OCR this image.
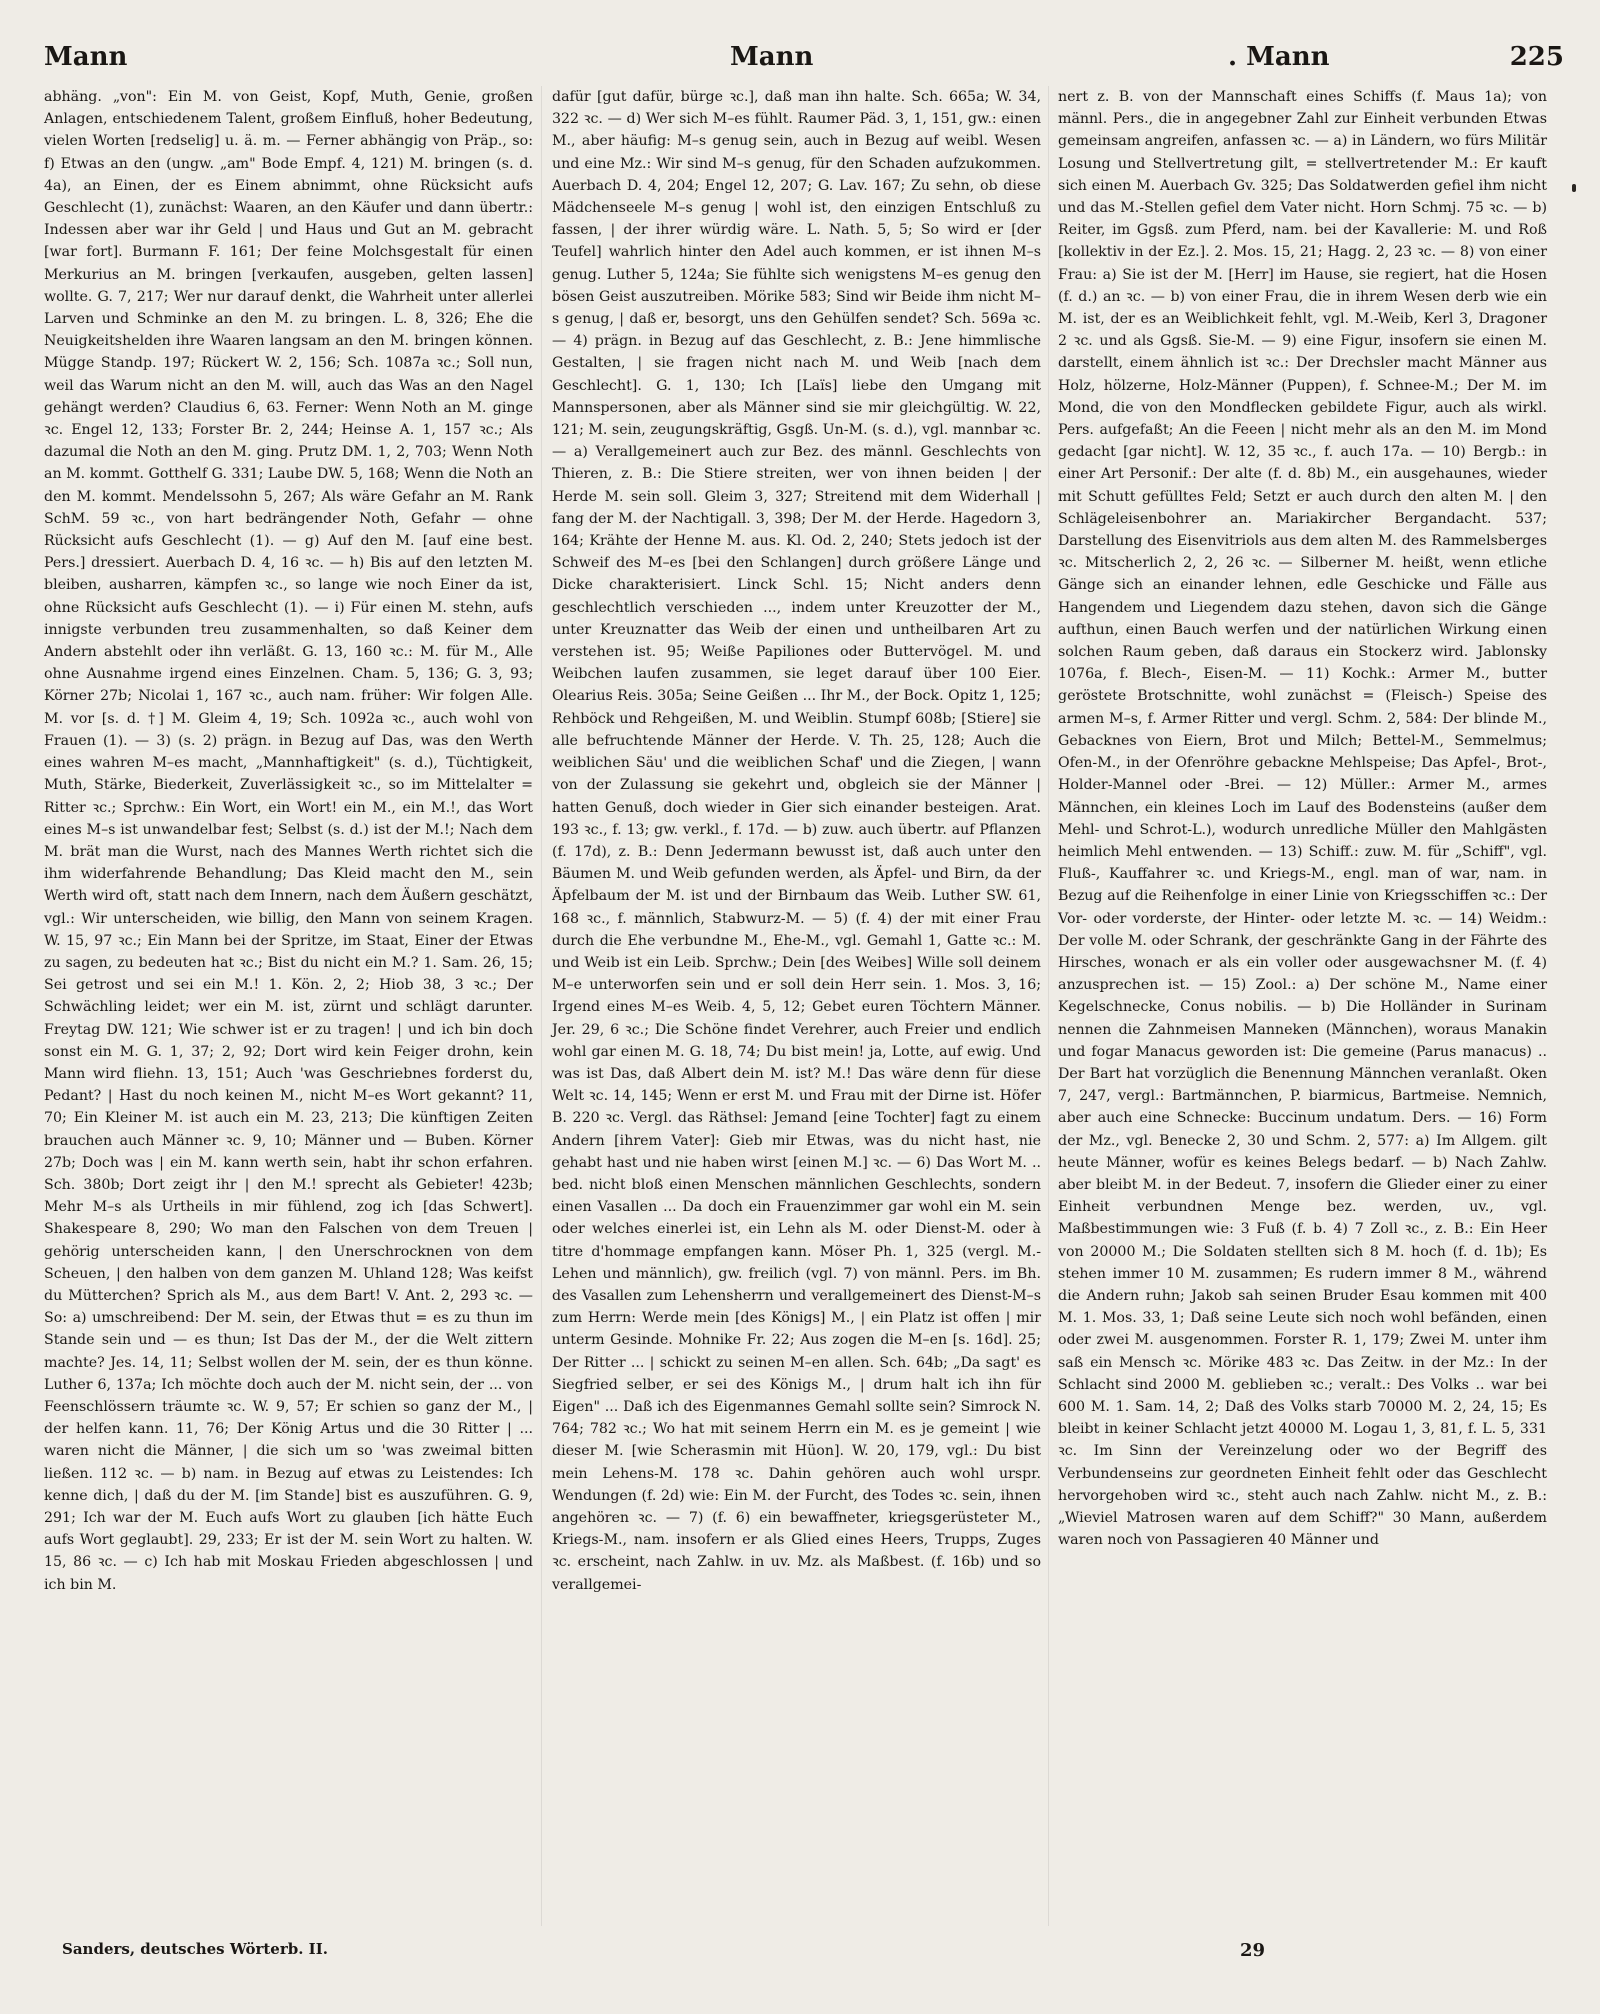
Mann	Mann	. Mann	225

abhäng. „von": Ein M. von Geist, Kopf, Muth, Genie, großen Anlagen, entschiedenem Talent, großem Einfluß, hoher Bedeutung, vielen Worten [redselig] u. ä. m. — Ferner abhängig von Präp., so: f) Etwas an den (ungw. „am" Bode Empf. 4, 121) M. bringen (s. d. 4a), an Einen, der es Einem abnimmt, ohne Rücksicht aufs Geschlecht (1), zunächst: Waaren, an den Käufer und dann übertr.: Indessen aber war ihr Geld | und Haus und Gut an M. gebracht [war fort]. Burmann F. 161; Der feine Molchsgestalt für einen Merkurius an M. bringen [verkaufen, ausgeben, gelten lassen] wollte. G. 7, 217; Wer nur darauf denkt, die Wahrheit unter allerlei Larven und Schminke an den M. zu bringen. L. 8, 326; Ehe die Neuigkeitshelden ihre Waaren langsam an den M. bringen können. Müggе Standp. 197; Rückert W. 2, 156; Sch. 1087a ꝛc.; Soll nun, weil das Warum nicht an den M. will, auch das Was an den Nagel gehängt werden? Claudius 6, 63. Ferner: Wenn Noth an M. ginge ꝛc. Engel 12, 133; Forster Br. 2, 244; Heinse A. 1, 157 ꝛc.; Als dazumal die Noth an den M. ging. Prutz DM. 1, 2, 703; Wenn Noth an M. kommt. Gotthelf G. 331; Laube DW. 5, 168; Wenn die Noth an den M. kommt. Mendelssohn 5, 267; Als wäre Gefahr an M. Rank SchM. 59 ꝛc., von hart bedrängender Noth, Gefahr — ohne Rücksicht aufs Geschlecht (1). — g) Auf den M. [auf eine best. Pers.] dressiert. Auerbach D. 4, 16 ꝛc. — h) Bis auf den letzten M. bleiben, ausharren, kämpfen ꝛc., so lange wie noch Einer da ist, ohne Rücksicht aufs Geschlecht (1). — i) Für einen M. stehn, aufs innigste verbunden treu zusammenhalten, so daß Keiner dem Andern abstehlt oder ihn verläßt. G. 13, 160 ꝛc.: M. für M., Alle ohne Ausnahme irgend eines Einzelnen. Cham. 5, 136; G. 3, 93; Körner 27b; Nicolai 1, 167 ꝛc., auch nam. früher: Wir folgen Alle. M. vor [s. d. †] M. Gleim 4, 19; Sch. 1092a ꝛc., auch wohl von Frauen (1). — 3) (s. 2) prägn. in Bezug auf Das, was den Werth eines wahren M–es macht, „Mannhaftigkeit" (s. d.), Tüchtigkeit, Muth, Stärke, Biederkeit, Zuverlässigkeit ꝛc., so im Mittelalter = Ritter ꝛc.; Sprchw.: Ein Wort, ein Wort! ein M., ein M.!, das Wort eines M–s ist unwandelbar fest; Selbst (s. d.) ist der M.!; Nach dem M. brät man die Wurst, nach des Mannes Werth richtet sich die ihm widerfahrende Behandlung; Das Kleid macht den M., sein Werth wird oft, statt nach dem Innern, nach dem Äußern geschätzt, vgl.: Wir unterscheiden, wie billig, den Mann von seinem Kragen. W. 15, 97 ꝛc.; Ein Mann bei der Spritze, im Staat, Einer der Etwas zu sagen, zu bedeuten hat ꝛc.; Bist du nicht ein M.? 1. Sam. 26, 15; Sei getrost und sei ein M.! 1. Kön. 2, 2; Hiob 38, 3 ꝛc.; Der Schwächling leidet; wer ein M. ist, zürnt und schlägt darunter. Freytag DW. 121; Wie schwer ist er zu tragen! | und ich bin doch sonst ein M. G. 1, 37; 2, 92; Dort wird kein Feiger drohn, kein Mann wird fliehn. 13, 151; Auch 'was Geschriebnes forderst du, Pedant? | Hast du noch keinen M., nicht M–es Wort gekannt? 11, 70; Ein Kleiner M. ist auch ein M. 23, 213; Die künftigen Zeiten brauchen auch Männer ꝛc. 9, 10; Männer und — Buben. Körner 27b; Doch was | ein M. kann werth sein, habt ihr schon erfahren. Sch. 380b; Dort zeigt ihr | den M.! sprecht als Gebieter! 423b; Mehr M–s als Urtheils in mir fühlend, zog ich [das Schwert]. Shakespeare 8, 290; Wo man den Falschen von dem Treuen | gehörig unterscheiden kann, | den Unerschrocknen von dem Scheuen, | den halben von dem ganzen M. Uhland 128; Was keifst du Mütterchen? Sprich als M., aus dem Bart! V. Ant. 2, 293 ꝛc. — So: a) umschreibend: Der M. sein, der Etwas thut = es zu thun im Stande sein und — es thun; Ist Das der M., der die Welt zittern machte? Jes. 14, 11; Selbst wollen der M. sein, der es thun könne. Luther 6, 137a; Ich möchte doch auch der M. nicht sein, der ... von Feenschlössern träumte ꝛc. W. 9, 57; Er schien so ganz der M., | der helfen kann. 11, 76; Der König Artus und die 30 Ritter | ... waren nicht die Männer, | die sich um so 'was zweimal bitten ließen. 112 ꝛc. — b) nam. in Bezug auf etwas zu Leistendes: Ich kenne dich, | daß du der M. [im Stande] bist es auszuführen. G. 9, 291; Ich war der M. Euch aufs Wort zu glauben [ich hätte Euch aufs Wort geglaubt]. 29, 233; Er ist der M. sein Wort zu halten. W. 15, 86 ꝛc. — c) Ich hab mit Moskau Frieden abgeschlossen | und ich bin M.

dafür [gut dafür, bürge ꝛc.], daß man ihn halte. Sch. 665a; W. 34, 322 ꝛc. — d) Wer sich M–es fühlt. Raumer Päd. 3, 1, 151, gw.: einen M., aber häufig: M–s genug sein, auch in Bezug auf weibl. Wesen und eine Mz.: Wir sind M–s genug, für den Schaden aufzukommen. Auerbach D. 4, 204; Engel 12, 207; G. Lav. 167; Zu sehn, ob diese Mädchenseele M–s genug | wohl ist, den einzigen Entschluß zu fassen, | der ihrer würdig wäre. L. Nath. 5, 5; So wird er [der Teufel] wahrlich hinter den Adel auch kommen, er ist ihnen M–s genug. Luther 5, 124a; Sie fühlte sich wenigstens M–es genug den bösen Geist auszutreiben. Mörike 583; Sind wir Beide ihm nicht M–s genug, | daß er, besorgt, uns den Gehülfen sendet? Sch. 569a ꝛc. — 4) prägn. in Bezug auf das Geschlecht, z. B.: Jene himmlische Gestalten, | sie fragen nicht nach M. und Weib [nach dem Geschlecht]. G. 1, 130; Ich [Laïs] liebe den Umgang mit Mannspersonen, aber als Männer sind sie mir gleichgültig. W. 22, 121; M. sein, zeugungskräftig, Gsgß. Un-M. (s. d.), vgl. mannbar ꝛc. — a) Verallgemeinert auch zur Bez. des männl. Geschlechts von Thieren, z. B.: Die Stiere streiten, wer von ihnen beiden | der Herde M. sein soll. Gleim 3, 327; Streitend mit dem Widerhall | fang der M. der Nachtigall. 3, 398; Der M. der Herde. Hagedorn 3, 164; Krähte der Henne M. aus. Kl. Od. 2, 240; Stets jedoch ist der Schweif des M–es [bei den Schlangen] durch größere Länge und Dicke charakterisiert. Linck Schl. 15; Nicht anders denn geschlechtlich verschieden ..., indem unter Kreuzotter der M., unter Kreuznatter das Weib der einen und untheilbaren Art zu verstehen ist. 95; Weiße Papiliones oder Buttervögel. M. und Weibchen laufen zusammen, sie leget darauf über 100 Eier. Olearius Reis. 305a; Seine Geißen ... Ihr M., der Bock. Opitz 1, 125; Rehböck und Rehgeißen, M. und Weiblin. Stumpf 608b; [Stiere] sie alle befruchtende Männer der Herde. V. Th. 25, 128; Auch die weiblichen Säu' und die weiblichen Schaf' und die Ziegen, | wann von der Zulassung sie gekehrt und, obgleich sie der Männer | hatten Genuß, doch wieder in Gier sich einander besteigen. Arat. 193 ꝛc., f. 13; gw. verkl., f. 17d. — b) zuw. auch übertr. auf Pflanzen (f. 17d), z. B.: Denn Jedermann bewusst ist, daß auch unter den Bäumen M. und Weib gefunden werden, als Äpfel- und Birn, da der Äpfelbaum der M. ist und der Birnbaum das Weib. Luther SW. 61, 168 ꝛc., f. männlich, Stabwurz-M. — 5) (f. 4) der mit einer Frau durch die Ehe verbundne M., Ehe-M., vgl. Gemahl 1, Gatte ꝛc.: M. und Weib ist ein Leib. Sprchw.; Dein [des Weibes] Wille soll deinem M–e unterworfen sein und er soll dein Herr sein. 1. Mos. 3, 16; Irgend eines M–es Weib. 4, 5, 12; Gebet euren Töchtern Männer. Jer. 29, 6 ꝛc.; Die Schöne findet Verehrer, auch Freier und endlich wohl gar einen M. G. 18, 74; Du bist mein! ja, Lotte, auf ewig. Und was ist Das, daß Albert dein M. ist? M.! Das wäre denn für diese Welt ꝛc. 14, 145; Wenn er erst M. und Frau mit der Dirne ist. Höfer B. 220 ꝛc. Vergl. das Räthsel: Jemand [eine Tochter] fagt zu einem Andern [ihrem Vater]: Gieb mir Etwas, was du nicht hast, nie gehabt hast und nie haben wirst [einen M.] ꝛc. — 6) Das Wort M. .. bed. nicht bloß einen Menschen männlichen Geschlechts, sondern einen Vasallen ... Da doch ein Frauenzimmer gar wohl ein M. sein oder welches einerlei ist, ein Lehn als M. oder Dienst-M. oder à titre d'hommage empfangen kann. Möser Ph. 1, 325 (vergl. M.-Lehen und männlich), gw. freilich (vgl. 7) von männl. Pers. im Bh. des Vasallen zum Lehensherrn und verallgemeinert des Dienst-M–s zum Herrn: Werde mein [des Königs] M., | ein Platz ist offen | mir unterm Gesinde. Mohnike Fr. 22; Aus zogen die M–en [s. 16d]. 25; Der Ritter ... | schickt zu seinen M–en allen. Sch. 64b; „Da sagt' es Siegfried selber, er sei des Königs M., | drum halt ich ihn für Eigen" ... Daß ich des Eigenmannes Gemahl sollte sein? Simrock N. 764; 782 ꝛc.; Wo hat mit seinem Herrn ein M. es je gemeint | wie dieser M. [wie Scherasmin mit Hüon]. W. 20, 179, vgl.: Du bist mein Lehens-M. 178 ꝛc. Dahin gehören auch wohl urspr. Wendungen (f. 2d) wie: Ein M. der Furcht, des Todes ꝛc. sein, ihnen angehören ꝛc. — 7) (f. 6) ein bewaffneter, kriegsgerüsteter M., Kriegs-M., nam. insofern er als Glied eines Heers, Trupps, Zuges ꝛc. erscheint, nach Zahlw. in uv. Mz. als Maßbest. (f. 16b) und so verallgemei-

nert z. B. von der Mannschaft eines Schiffs (f. Maus 1a); von männl. Pers., die in angegebner Zahl zur Einheit verbunden Etwas gemeinsam angreifen, anfassen ꝛc. — a) in Ländern, wo fürs Militär Losung und Stellvertretung gilt, = stellvertretender M.: Er kauft sich einen M. Auerbach Gv. 325; Das Soldatwerden gefiel ihm nicht und das M.-Stellen gefiel dem Vater nicht. Horn Schmj. 75 ꝛc. — b) Reiter, im Ggsß. zum Pferd, nam. bei der Kavallerie: M. und Roß [kollektiv in der Ez.]. 2. Mos. 15, 21; Hagg. 2, 23 ꝛc. — 8) von einer Frau: a) Sie ist der M. [Herr] im Hause, sie regiert, hat die Hosen (f. d.) an ꝛc. — b) von einer Frau, die in ihrem Wesen derb wie ein M. ist, der es an Weiblichkeit fehlt, vgl. M.-Weib, Kerl 3, Dragoner 2 ꝛc. und als Ggsß. Sie-M. — 9) eine Figur, insofern sie einen M. darstellt, einem ähnlich ist ꝛc.: Der Drechsler macht Männer aus Holz, hölzerne, Holz-Männer (Puppen), f. Schnee-M.; Der M. im Mond, die von den Mondflecken gebildete Figur, auch als wirkl. Pers. aufgefaßt; An die Feeen | nicht mehr als an den M. im Mond gedacht [gar nicht]. W. 12, 35 ꝛc., f. auch 17a. — 10) Bergb.: in einer Art Personif.: Der alte (f. d. 8b) M., ein ausgehaunes, wieder mit Schutt gefülltes Feld; Setzt er auch durch den alten M. | den Schlägeleisenbohrer an. Mariakircher Bergandacht. 537; Darstellung des Eisenvitriols aus dem alten M. des Rammelsberges ꝛc. Mitscherlich 2, 2, 26 ꝛc. — Silberner M. heißt, wenn etliche Gänge sich an einander lehnen, edle Geschicke und Fälle aus Hangendem und Liegendem dazu stehen, davon sich die Gänge aufthun, einen Bauch werfen und der natürlichen Wirkung einen solchen Raum geben, daß daraus ein Stockerz wird. Jablonsky 1076a, f. Blech-, Eisen-M. — 11) Kochk.: Armer M., butter geröstete Brotschnitte, wohl zunächst = (Fleisch-) Speise des armen M–s, f. Armer Ritter und vergl. Schm. 2, 584: Der blinde M., Gebacknes von Eiern, Brot und Milch; Bettel-M., Semmelmus; Ofen-M., in der Ofenröhre gebackne Mehlspeise; Das Apfel-, Brot-, Holder-Mannel oder -Brei. — 12) Müller.: Armer M., armes Männchen, ein kleines Loch im Lauf des Bodensteins (außer dem Mehl- und Schrot-L.), wodurch unredliche Müller den Mahlgästen heimlich Mehl entwenden. — 13) Schiff.: zuw. M. für „Schiff", vgl. Fluß-, Kauffahrer ꝛc. und Kriegs-M., engl. man of war, nam. in Bezug auf die Reihenfolge in einer Linie von Kriegsschiffen ꝛc.: Der Vor- oder vorderste, der Hinter- oder letzte M. ꝛc. — 14) Weidm.: Der volle M. oder Schrank, der geschränkte Gang in der Fährte des Hirsches, wonach er als ein voller oder ausgewachsner M. (f. 4) anzusprechen ist. — 15) Zool.: a) Der schöne M., Name einer Kegelschnecke, Conus nobilis. — b) Die Holländer in Surinam nennen die Zahnmeisen Manneken (Männchen), woraus Manakin und fogar Manacus geworden ist: Die gemeine (Parus manacus) .. Der Bart hat vorzüglich die Benennung Männchen veranlaßt. Oken 7, 247, vergl.: Bartmännchen, P. biarmicus, Bartmeise. Nemnich, aber auch eine Schnecke: Buccinum undatum. Ders. — 16) Form der Mz., vgl. Benecke 2, 30 und Schm. 2, 577: a) Im Allgem. gilt heute Männer, wofür es keines Belegs bedarf. — b) Nach Zahlw. aber bleibt M. in der Bedeut. 7, insofern die Glieder einer zu einer Einheit verbundnen Menge bez. werden, uv., vgl. Maßbestimmungen wie: 3 Fuß (f. b. 4) 7 Zoll ꝛc., z. B.: Ein Heer von 20000 M.; Die Soldaten stellten sich 8 M. hoch (f. d. 1b); Es stehen immer 10 M. zusammen; Es rudern immer 8 M., während die Andern ruhn; Jakob sah seinen Bruder Esau kommen mit 400 M. 1. Mos. 33, 1; Daß seine Leute sich noch wohl befänden, einen oder zwei M. ausgenommen. Forster R. 1, 179; Zwei M. unter ihm saß ein Mensch ꝛc. Mörike 483 ꝛc. Das Zeitw. in der Mz.: In der Schlacht sind 2000 M. geblieben ꝛc.; veralt.: Des Volks .. war bei 600 M. 1. Sam. 14, 2; Daß des Volks starb 70000 M. 2, 24, 15; Es bleibt in keiner Schlacht jetzt 40000 M. Logau 1, 3, 81, f. L. 5, 331 ꝛc. Im Sinn der Vereinzelung oder wo der Begriff des Verbundenseins zur geordneten Einheit fehlt oder das Geschlecht hervorgehoben wird ꝛc., steht auch nach Zahlw. nicht M., z. B.: „Wieviel Matrosen waren auf dem Schiff?" 30 Mann, außerdem waren noch von Passagieren 40 Männer und

Sanders, deutsches Wörterb. II.	29
